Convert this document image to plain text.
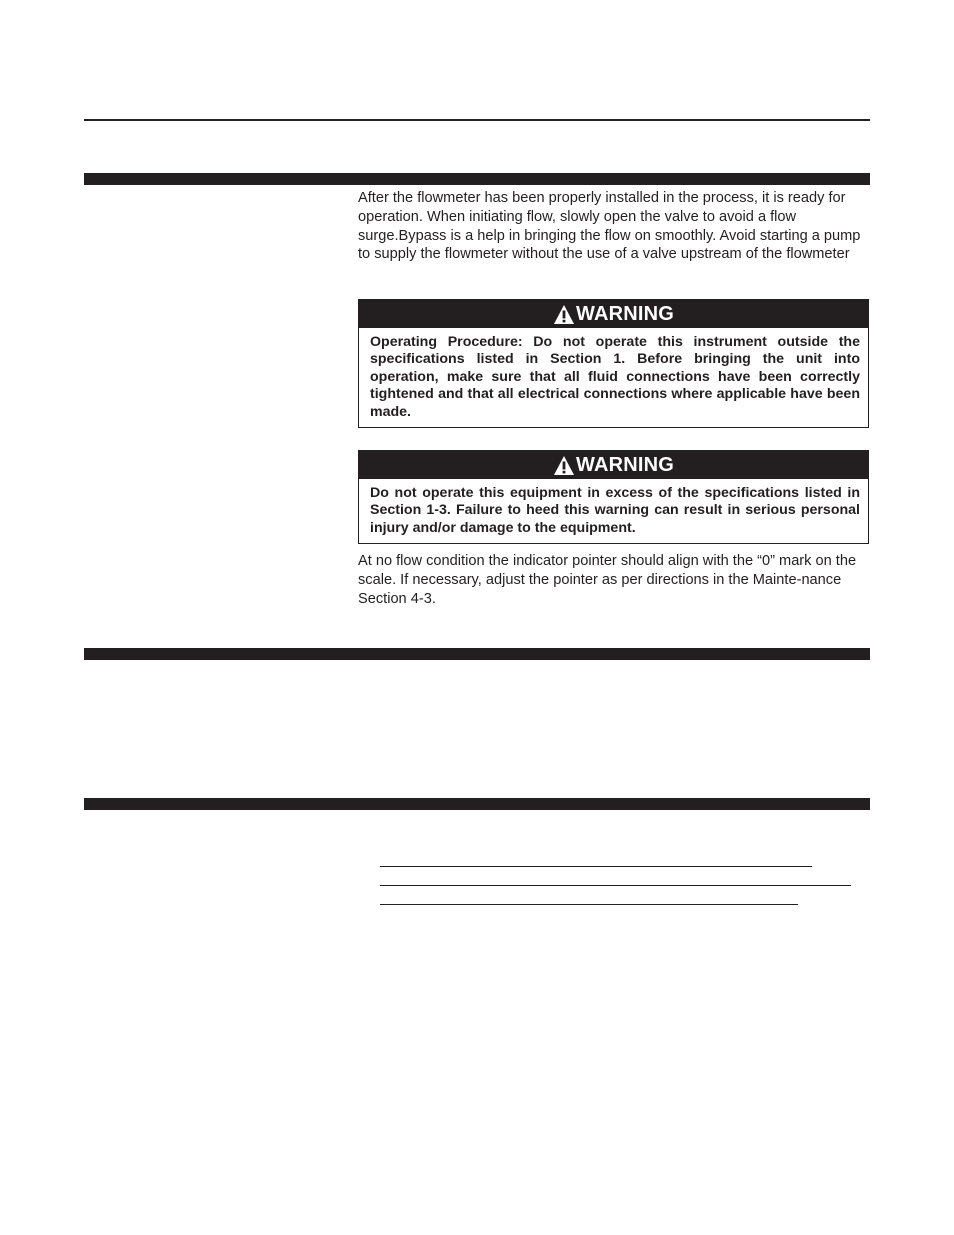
After the flowmeter has been properly installed in the process, it is ready for operation. When initiating flow, slowly open the valve to avoid a flow surge.Bypass is a help in bringing the flow on smoothly. Avoid starting a pump to supply the flowmeter without the use of a valve upstream of the flowmeter

WARNING

Operating Procedure: Do not operate this instrument outside the specifications listed in Section 1. Before bringing the unit into operation, make sure that all fluid connections have been correctly tightened and that all electrical connections where applicable have been made.

WARNING

Do not operate this equipment in excess of the specifications listed in Section 1-3. Failure to heed this warning can result in serious personal injury and/or damage to the equipment.

At no flow condition the indicator pointer should align with the “0” mark on the scale. If necessary, adjust the pointer as per directions in the Mainte-nance Section 4-3.
